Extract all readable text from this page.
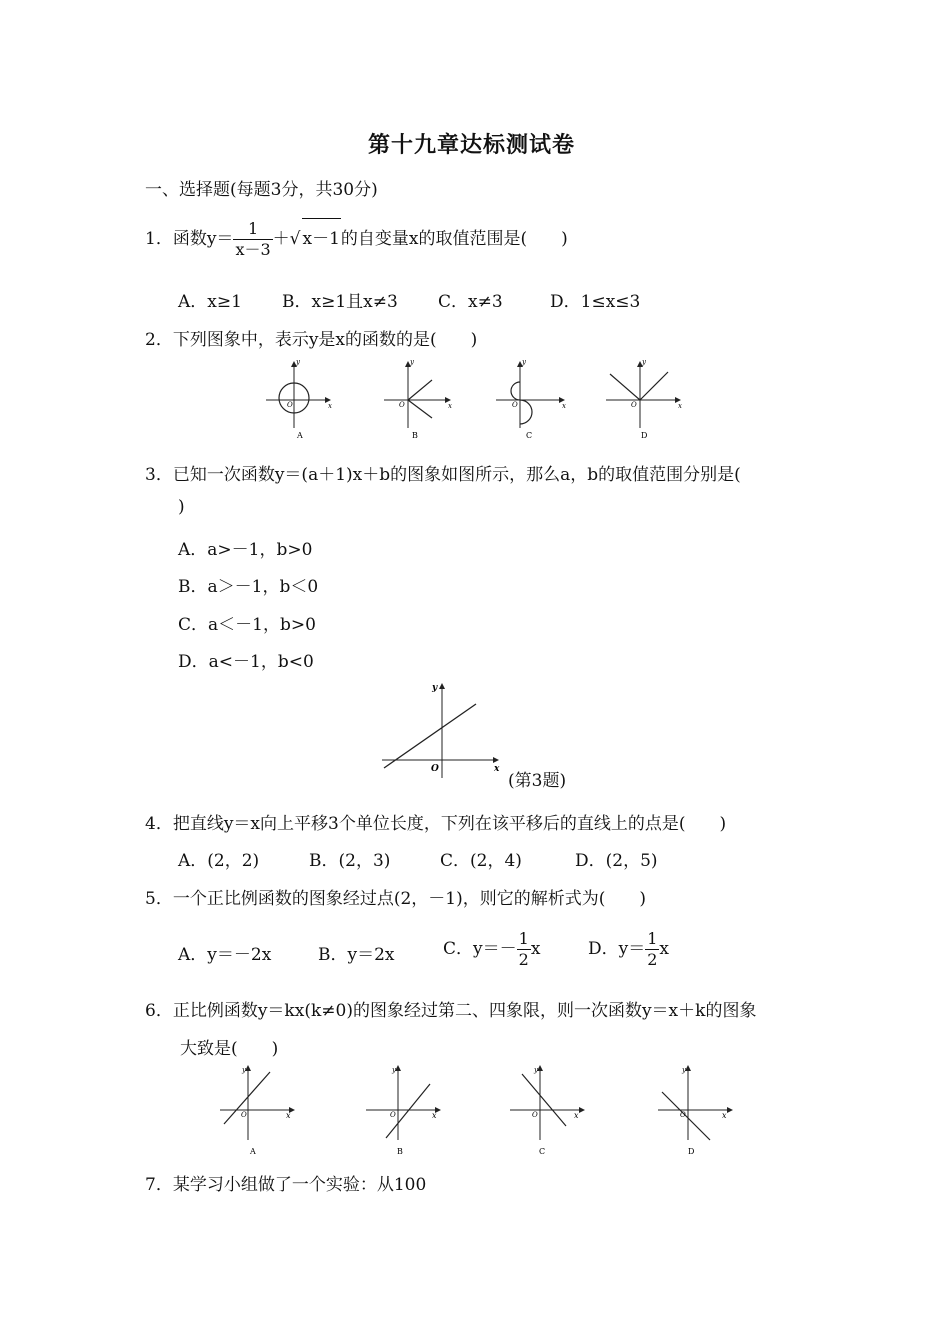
第十九章达标测试卷
一、选择题(每题3分，共30分)
1．函数$y= \frac{1}{x-3}$ ＋√ x－1的自变量x的取值范围是(　　)
A．x≥1 B．x≥1且x≠3 C．x≠3	D．1≤x≤3
2．下列图象中，表示y是x的函数的是(　　)
y
x
O
A
y
x
O
B
y
x
O
C
y
x
O
D
3．已知一次函数y＝(a＋1)x＋b的图象如图所示，那么a，b的取值范围分别是(
)
A．a>－1，b>0
B．a＞－1，b＜0
C．a＜－1，b>0
D．a<－1，b<0
y
x
O
(第3题)
4．把直线y＝x向上平移3个单位长度，下列在该平移后的直线上的点是(　　)
A．(2，2)	B．(2，3)	C．(2，4)	D．(2，5)
5．一个正比例函数的图象经过点(2，－1)，则它的解析式为(　　)
A．y＝－2x	B．y＝2x	C．$y=- \frac{1}{2}$ x	D．$y= \frac{1}{2}$ x
6．正比例函数y＝kx(k≠0)的图象经过第二、四象限，则一次函数y＝x＋k的图象
大致是(　　)
y
x
O
A
y
x
O
B
y
x
O
C
y
x
O
D
7．某学习小组做了一个实验：从100
